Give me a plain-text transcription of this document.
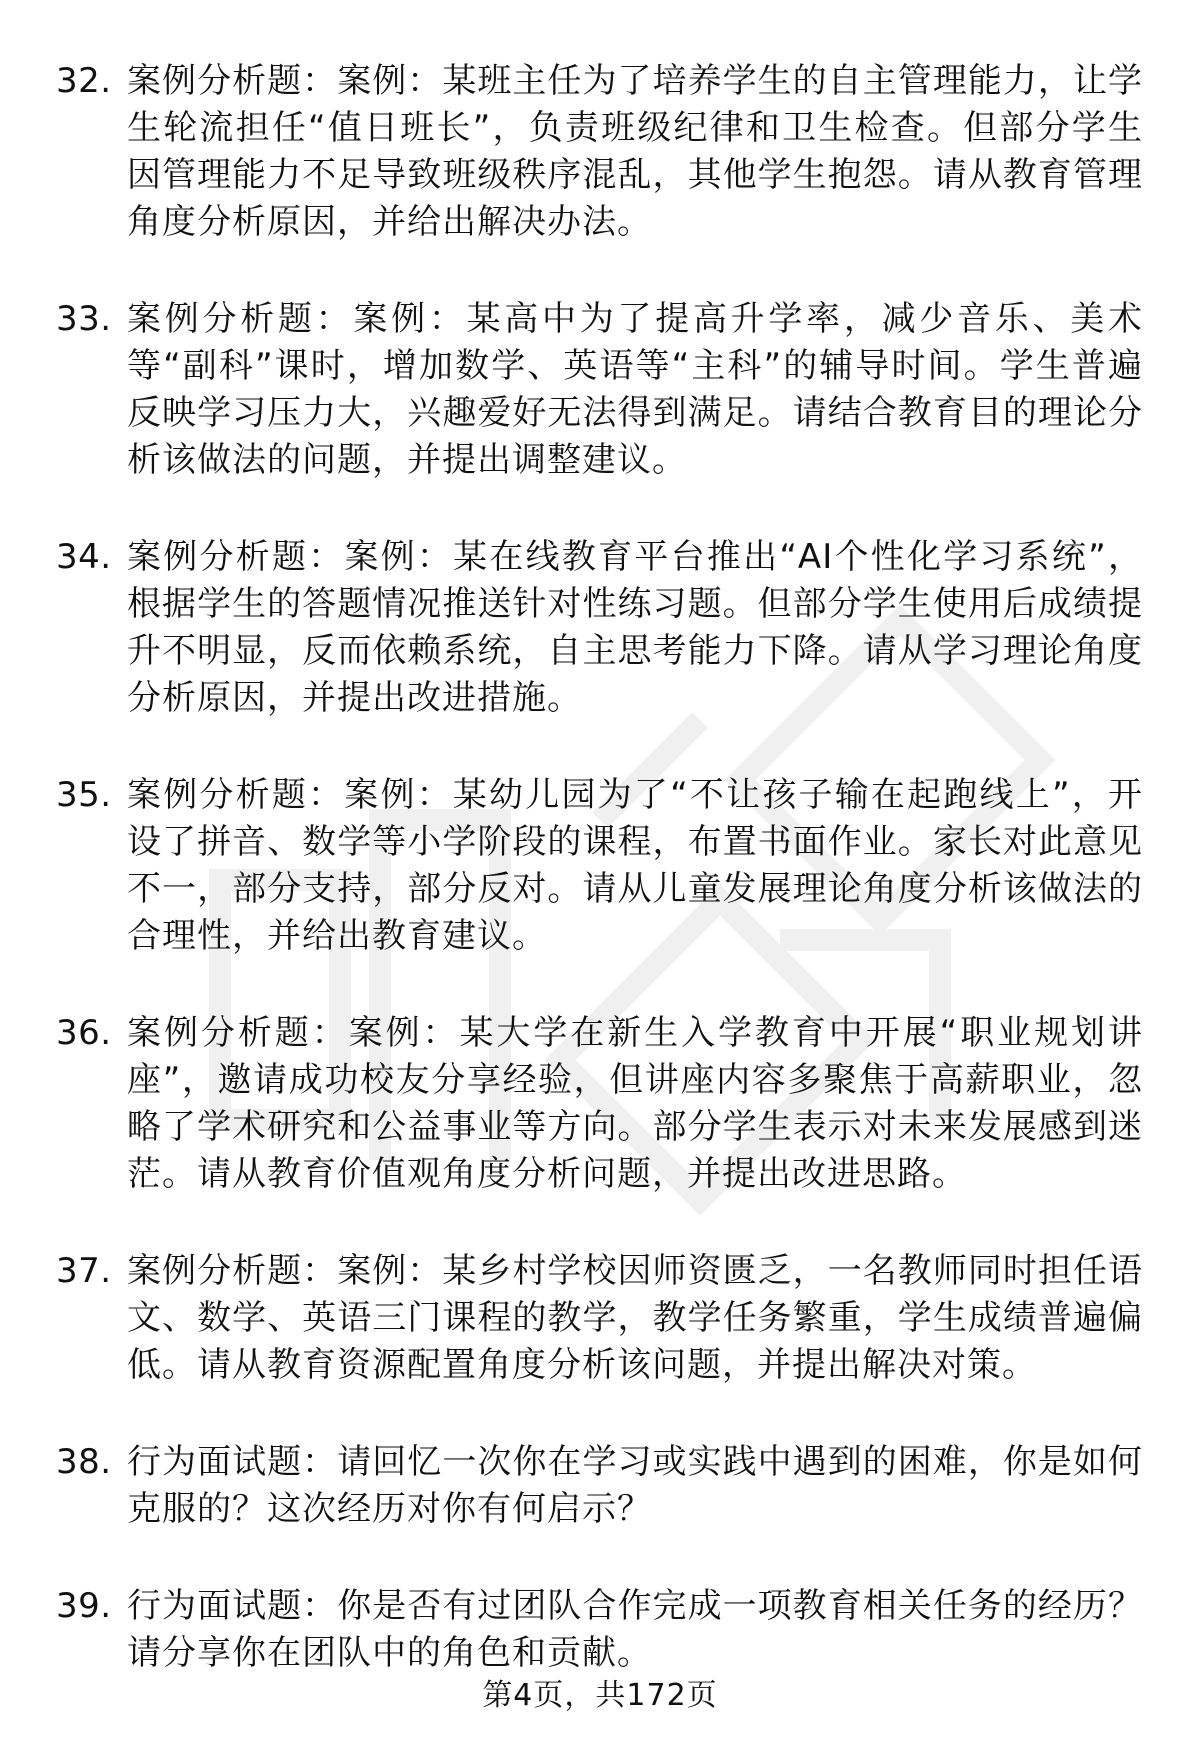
32. 案例分析题：案例：某班主任为了培养学生的自主管理能力，让学生轮流担任“值日班长”，负责班级纪律和卫生检查。但部分学生因管理能力不足导致班级秩序混乱，其他学生抱怨。请从教育管理角度分析原因，并给出解决办法。
33. 案例分析题：案例：某高中为了提高升学率，减少音乐、美术等“副科”课时，增加数学、英语等“主科”的辅导时间。学生普遍反映学习压力大，兴趣爱好无法得到满足。请结合教育目的理论分析该做法的问题，并提出调整建议。
34. 案例分析题：案例：某在线教育平台推出“AI个性化学习系统”，根据学生的答题情况推送针对性练习题。但部分学生使用后成绩提升不明显，反而依赖系统，自主思考能力下降。请从学习理论角度分析原因，并提出改进措施。
35. 案例分析题：案例：某幼儿园为了“不让孩子输在起跑线上”，开设了拼音、数学等小学阶段的课程，布置书面作业。家长对此意见不一，部分支持，部分反对。请从儿童发展理论角度分析该做法的合理性，并给出教育建议。
36. 案例分析题：案例：某大学在新生入学教育中开展“职业规划讲座”，邀请成功校友分享经验，但讲座内容多聚焦于高薪职业，忽略了学术研究和公益事业等方向。部分学生表示对未来发展感到迷茫。请从教育价值观角度分析问题，并提出改进思路。
37. 案例分析题：案例：某乡村学校因师资匮乏，一名教师同时担任语文、数学、英语三门课程的教学，教学任务繁重，学生成绩普遍偏低。请从教育资源配置角度分析该问题，并提出解决对策。
38. 行为面试题：请回忆一次你在学习或实践中遇到的困难，你是如何克服的？这次经历对你有何启示？
39. 行为面试题：你是否有过团队合作完成一项教育相关任务的经历？请分享你在团队中的角色和贡献。
第4页，共172页
